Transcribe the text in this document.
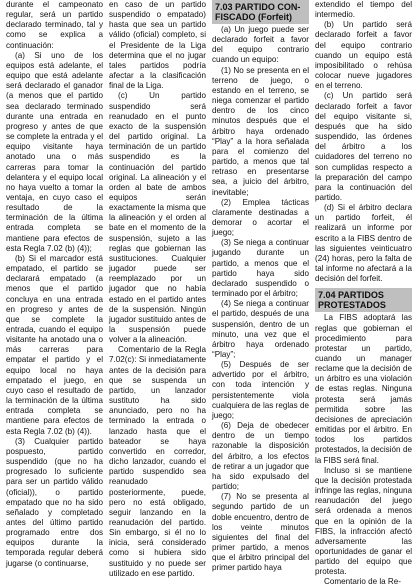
durante el campeonato regular, será un partido declarado terminado, tal y como se explica a continuación:

(a) Si uno de los equipos está adelante, el equipo que está adelante será declarado el ganador (a menos que el partido sea declarado terminado durante una entrada en progreso y antes de que se complete la entrada y el equipo visitante haya anotado una o más carreras para tomar la delantera y el equipo local no haya vuelto a tomar la ventaja, en cuyo caso el resultado de la terminación de la última entrada completa se mantiene para efectos de esta Regla 7.02 (b) (4));

(b) Si el marcador está empatado, el partido se declarará empatado (a menos que el partido concluya en una entrada en progreso y antes de que se complete la entrada, cuando el equipo visitante ha anotado una o más carreras para empatar el partido y el equipo local no haya empatado el juego, en cuyo caso el resultado de la terminación de la última entrada completa se mantiene para efectos de esta Regla 7.02 (b) (4)).

(3) Cualquier partido pospuesto, partido suspendido (que no ha progresado lo suficiente para ser un partido válido (oficial)), o partido empatado que no ha sido señalado y completado antes del último partido programado entre dos equipos durante la temporada regular deberá jugarse (o continuarse,

en caso de un partido suspendido o empatado) hasta que sea un partido válido (oficial) completo, si el Presidente de la Liga determina que el no jugar tales partidos podría afectar a la clasificación final de la Liga.

(c) Un partido suspendido será reanudado en el punto exacto de la suspensión del partido original. La terminación de un partido suspendido es la continuación del partido original. La alineación y el orden al bate de ambos equipos serán exactamente la misma que la alineación y el orden al bate en el momento de la suspensión, sujeto a las reglas que gobiernan las sustituciones. Cualquier jugador puede ser reemplazado por un jugador que no había estado en el partido antes de la suspensión. Ningún jugador sustituido antes de la suspensión puede volver a la alineación.

Comentario de la Regla 7.02(c): Si inmediatamente antes de la decisión para que se suspenda un partido, un lanzador sustituto ha sido anunciado, pero no ha terminado la entrada o lanzado hasta que el bateador se haya convertido en corredor, dicho lanzador, cuando el partido suspendido sea reanudado posteriormente, puede, pero no está obligado, seguir lanzando en la reanudación del partido. Sin embargo, si él no lo inicia, será considerado como si hubiera sido sustituido y no puede ser utilizado en ese partido.

7.03 PARTIDO CON-
FISCADO (Forfeit)

(a) Un juego puede ser declarado forfeit a favor del equipo contrario cuando un equipo:

(1) No se presenta en el terreno de juego, o estando en el terreno, se niega comenzar el partido dentro de los cinco minutos después que el árbitro haya ordenado “Play” a la hora señalada para el comienzo del partido, a menos que tal retraso en presentarse sea, a juicio del árbitro, inevitable;

(2) Emplea tácticas claramente destinadas a demorar o acortar el juego;

(3) Se niega a continuar jugando durante un partido, a menos que el partido haya sido declarado suspendido o terminado por el árbitro;

(4) Se niega a continuar el partido, después de una suspensión, dentro de un minuto, una vez que el árbitro haya ordenado “Play”;

(5) Después de ser advertido por el árbitro, con toda intención y persistentemente viola cualquiera de las reglas de juego;

(6) Deja de obedecer dentro de un tiempo razonable la disposición del árbitro, a los efectos de retirar a un jugador que ha sido expulsado del partido;

(7) No se presenta al segundo partido de un doble encuentro, dentro de los veinte minutos siguientes del final del primer partido, a menos que el árbitro principal del primer partido haya

extendido el tiempo del intermedio.

(b) Un partido será declarado forfeit a favor del equipo contrario cuando un equipo está imposibilitado o rehúsa colocar nueve jugadores en el terreno.

(c) Un partido será declarado forfeit a favor del equipo visitante si, después que ha sido suspendido, las órdenes del árbitro a los cuidadores del terreno no son cumplidas respecto a la preparación del campo para la continuación del partido.

(d) Si el árbitro declara un partido forfeit, él realizará un informe por escrito a la FIBS dentro de las siguientes veinticuatro (24) horas, pero la falta de tal informe no afectará a la decisión del forfeit.

7.04 PARTIDOS
PROTESTADOS

La FIBS adoptará las reglas que gobiernan el procedimiento para protestar un partido, cuando un manager reclame que la decisión de un árbitro es una violación de estas reglas. Ninguna protesta será jamás permitida sobre las decisiones de apreciación emitidas por el árbitro. En todos los partidos protestados, la decisión de la FIBS será final.

Incluso si se mantiene que la decisión protestada infringe las reglas, ninguna reanudación del juego será ordenada a menos que en la opinión de la FIBS, la infracción afectó adversamente las oportunidades de ganar el partido del equipo que protesta.

Comentario de la Re-
